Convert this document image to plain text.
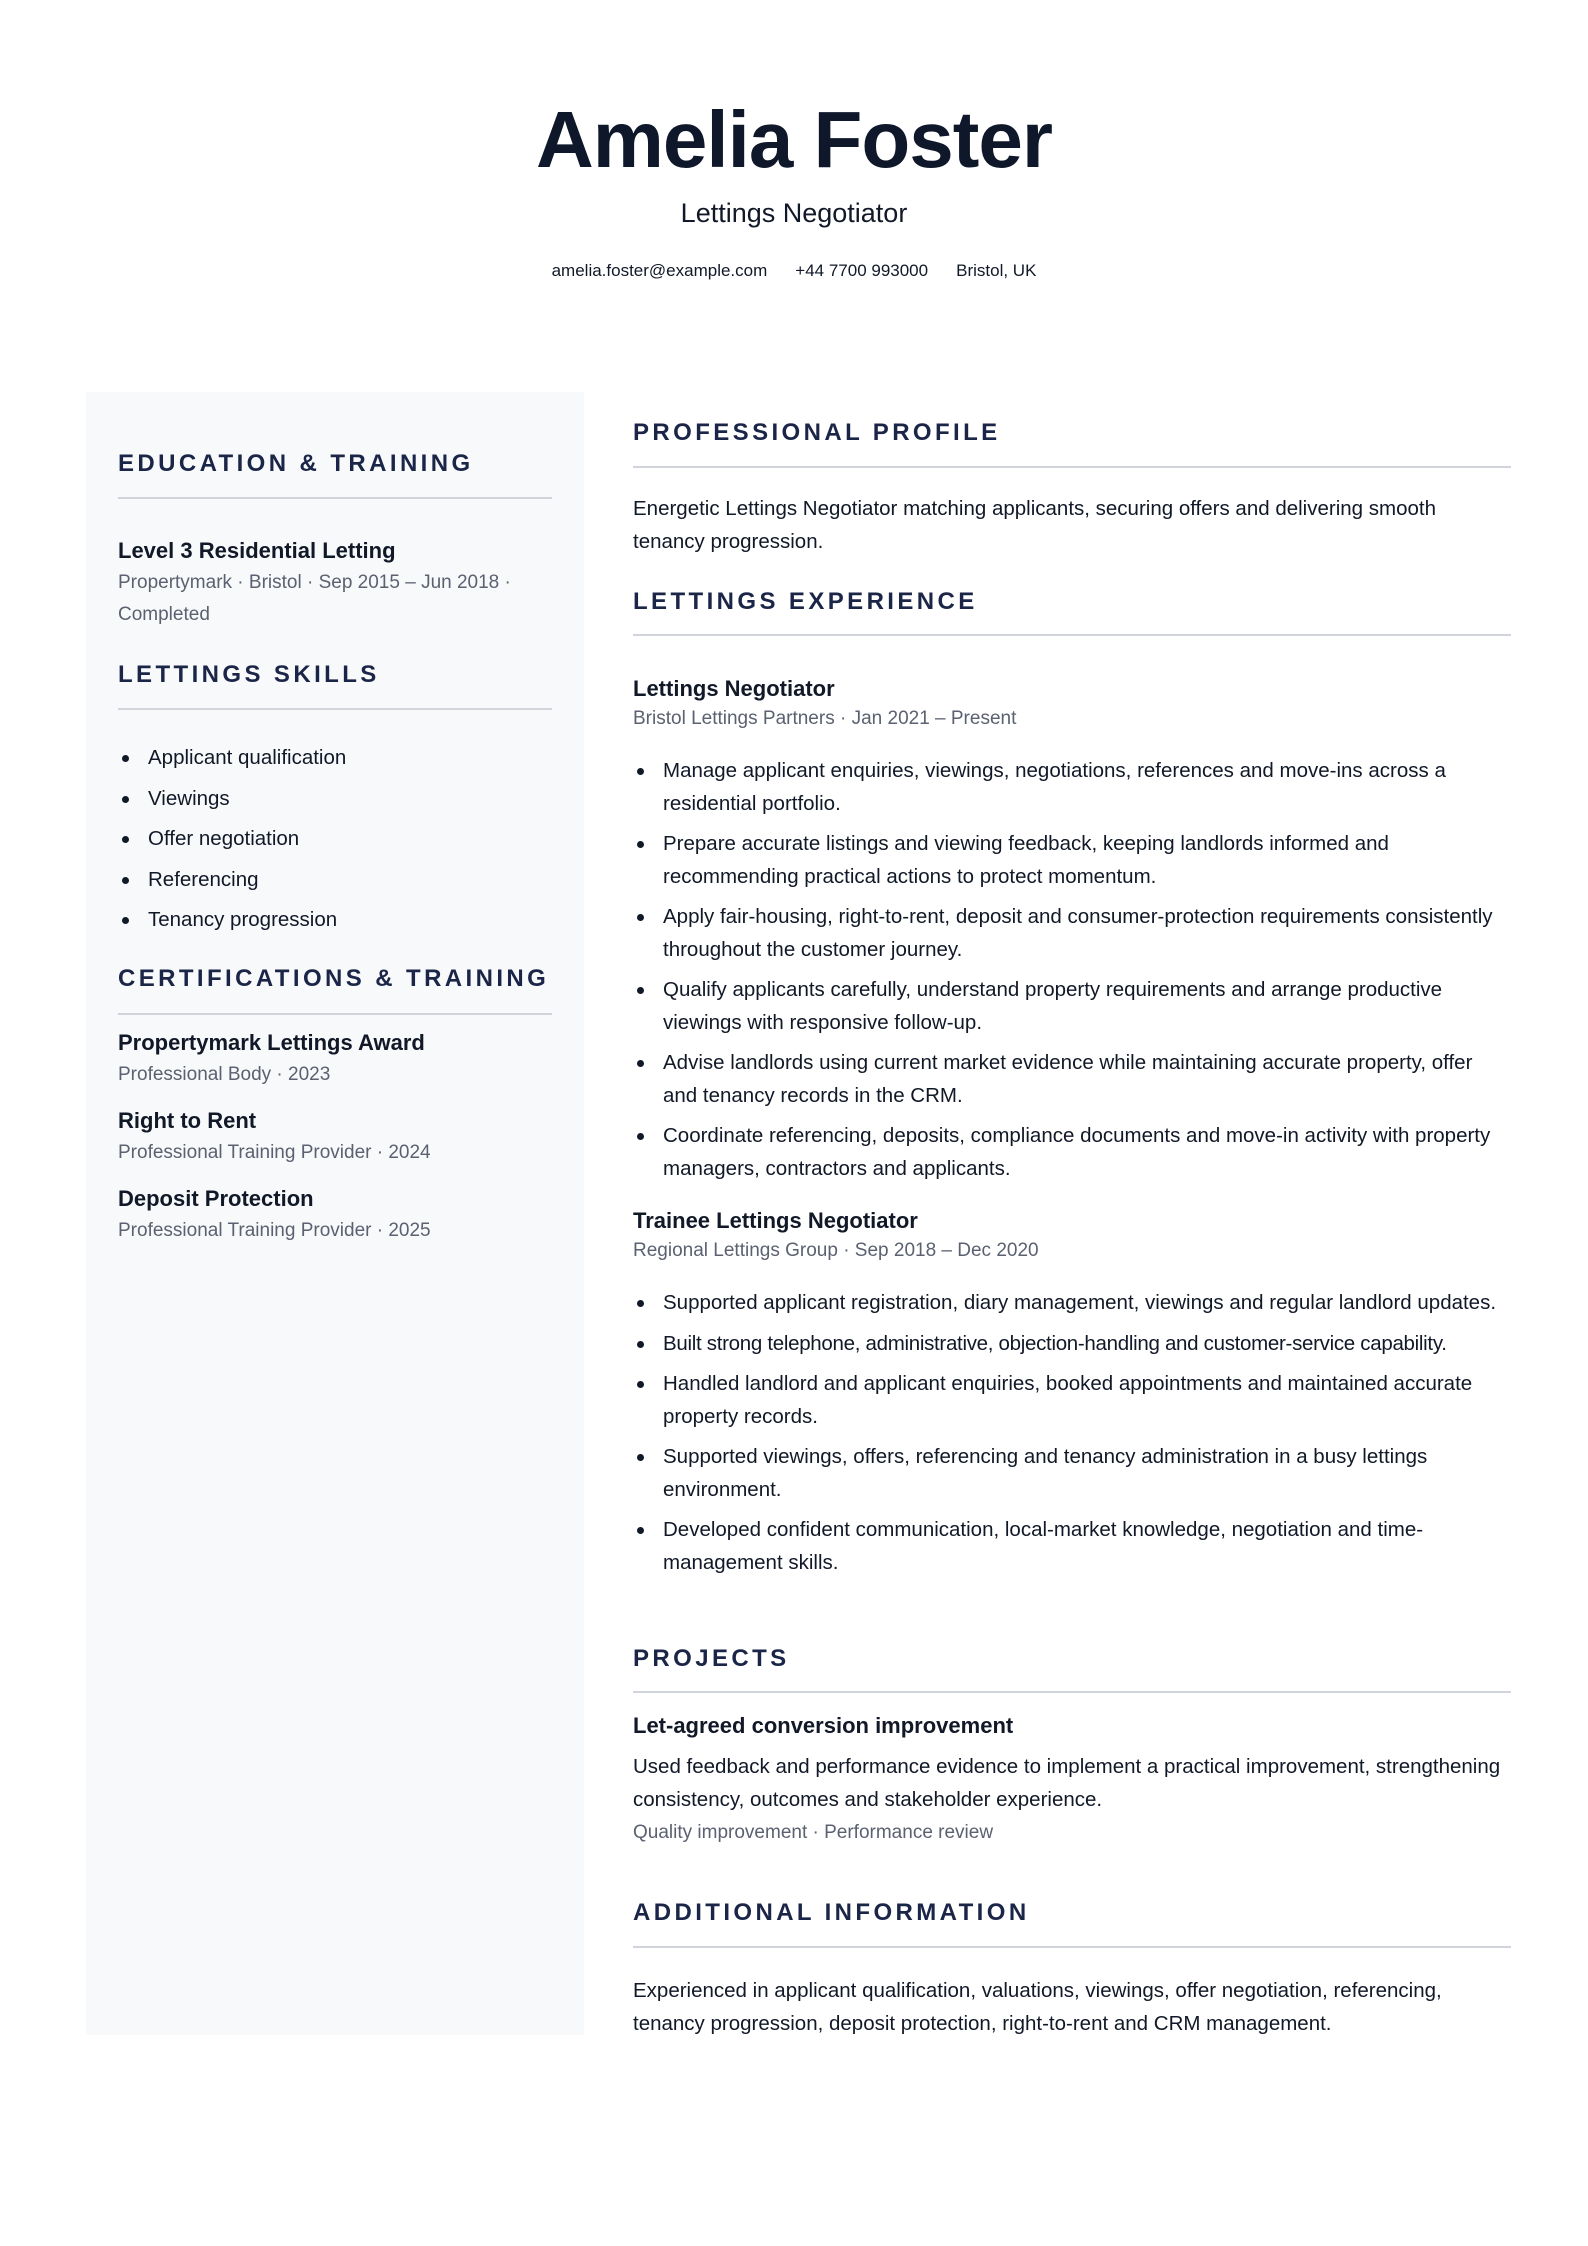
Amelia Foster
Lettings Negotiator
amelia.foster@example.com +44 7700 993000 Bristol, UK
EDUCATION & TRAINING
Level 3 Residential Letting
Propertymark · Bristol · Sep 2015 – Jun 2018 ·
Completed
LETTINGS SKILLS
Applicant qualification
Viewings
Offer negotiation
Referencing
Tenancy progression
CERTIFICATIONS & TRAINING
Propertymark Lettings Award
Professional Body · 2023
Right to Rent
Professional Training Provider · 2024
Deposit Protection
Professional Training Provider · 2025
PROFESSIONAL PROFILE
Energetic Lettings Negotiator matching applicants, securing offers and delivering smooth tenancy progression.
LETTINGS EXPERIENCE
Lettings Negotiator
Bristol Lettings Partners · Jan 2021 – Present
Manage applicant enquiries, viewings, negotiations, references and move-ins across a residential portfolio.
Prepare accurate listings and viewing feedback, keeping landlords informed and recommending practical actions to protect momentum.
Apply fair-housing, right-to-rent, deposit and consumer-protection requirements consistently throughout the customer journey.
Qualify applicants carefully, understand property requirements and arrange productive viewings with responsive follow-up.
Advise landlords using current market evidence while maintaining accurate property, offer and tenancy records in the CRM.
Coordinate referencing, deposits, compliance documents and move-in activity with property managers, contractors and applicants.
Trainee Lettings Negotiator
Regional Lettings Group · Sep 2018 – Dec 2020
Supported applicant registration, diary management, viewings and regular landlord updates.
Built strong telephone, administrative, objection-handling and customer-service capability.
Handled landlord and applicant enquiries, booked appointments and maintained accurate property records.
Supported viewings, offers, referencing and tenancy administration in a busy lettings environment.
Developed confident communication, local-market knowledge, negotiation and time-management skills.
PROJECTS
Let-agreed conversion improvement
Used feedback and performance evidence to implement a practical improvement, strengthening consistency, outcomes and stakeholder experience.
Quality improvement · Performance review
ADDITIONAL INFORMATION
Experienced in applicant qualification, valuations, viewings, offer negotiation, referencing, tenancy progression, deposit protection, right-to-rent and CRM management.
